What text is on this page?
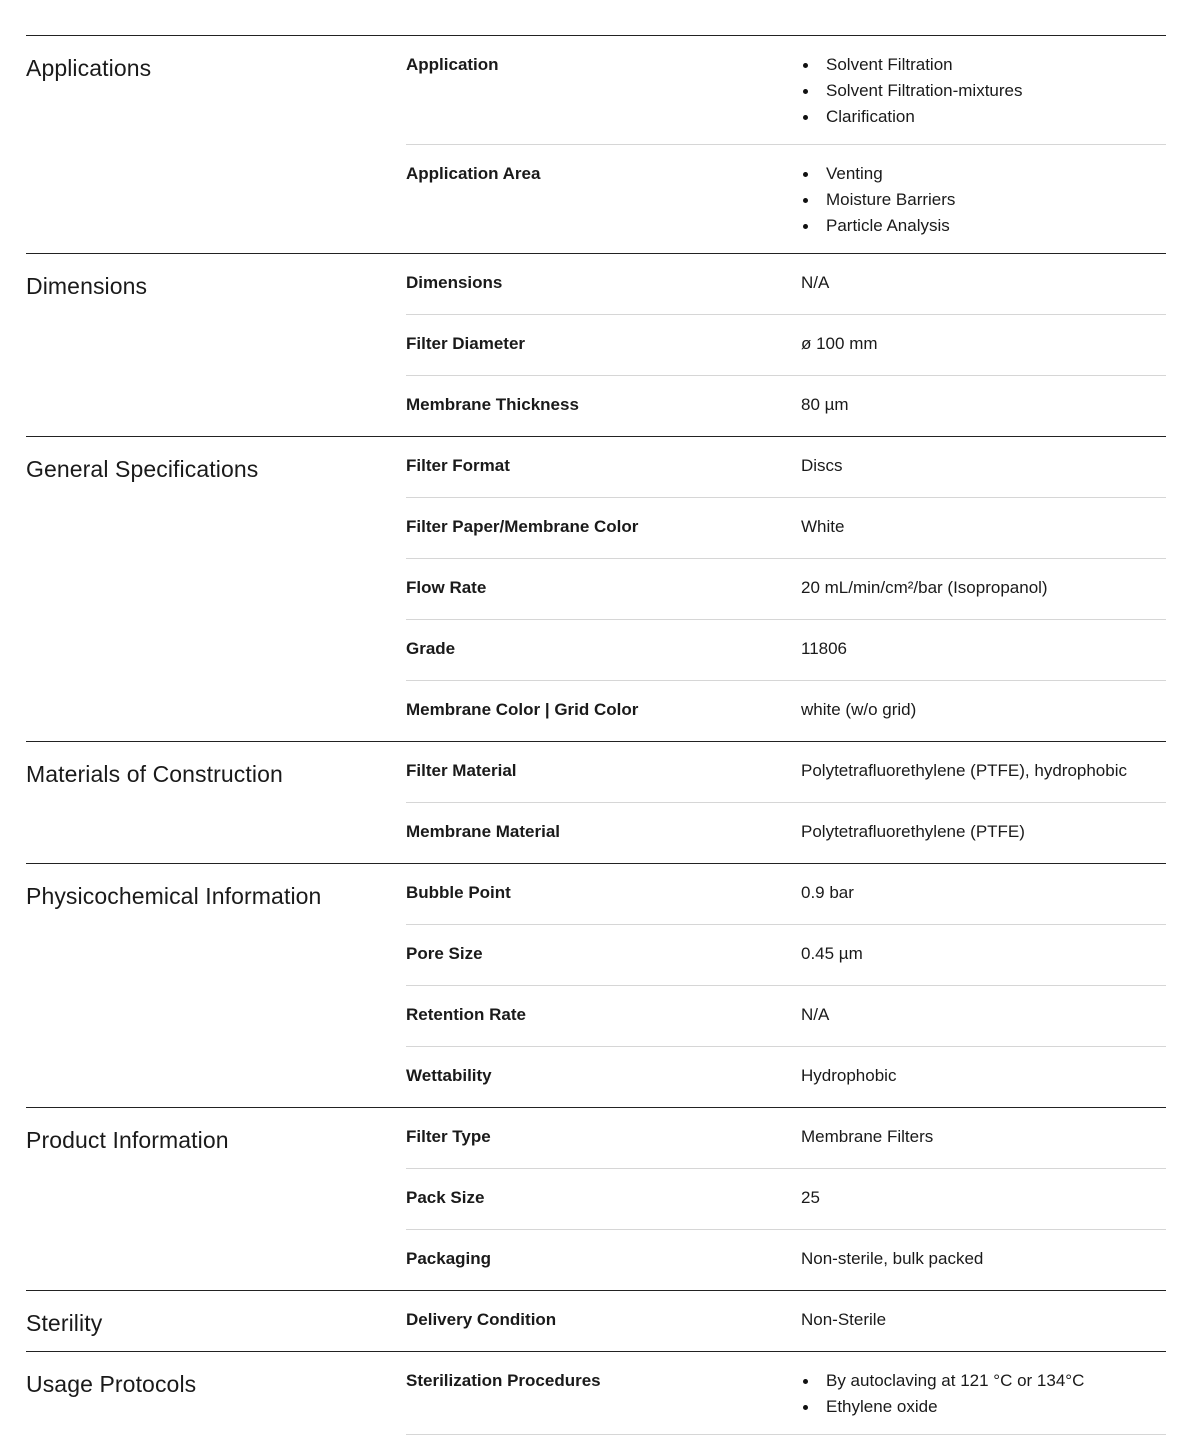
Applications	Application	Solvent Filtration
Solvent Filtration-mixtures
Clarification
Application Area	Venting
Moisture Barriers
Particle Analysis
Dimensions	Dimensions	N/A
Filter Diameter	ø 100 mm
Membrane Thickness	80 µm
General Specifications	Filter Format	Discs
Filter Paper/Membrane Color	White
Flow Rate	20 mL/min/cm²/bar (Isopropanol)
Grade	11806
Membrane Color | Grid Color	white (w/o grid)
Materials of Construction	Filter Material	Polytetrafluorethylene (PTFE), hydrophobic
Membrane Material	Polytetrafluorethylene (PTFE)
Physicochemical Information	Bubble Point	0.9 bar
Pore Size	0.45 µm
Retention Rate	N/A
Wettability	Hydrophobic
Product Information	Filter Type	Membrane Filters
Pack Size	25
Packaging	Non-sterile, bulk packed
Sterility	Delivery Condition	Non-Sterile
Usage Protocols	Sterilization Procedures	By autoclaving at 121 °C or 134°C
Ethylene oxide
